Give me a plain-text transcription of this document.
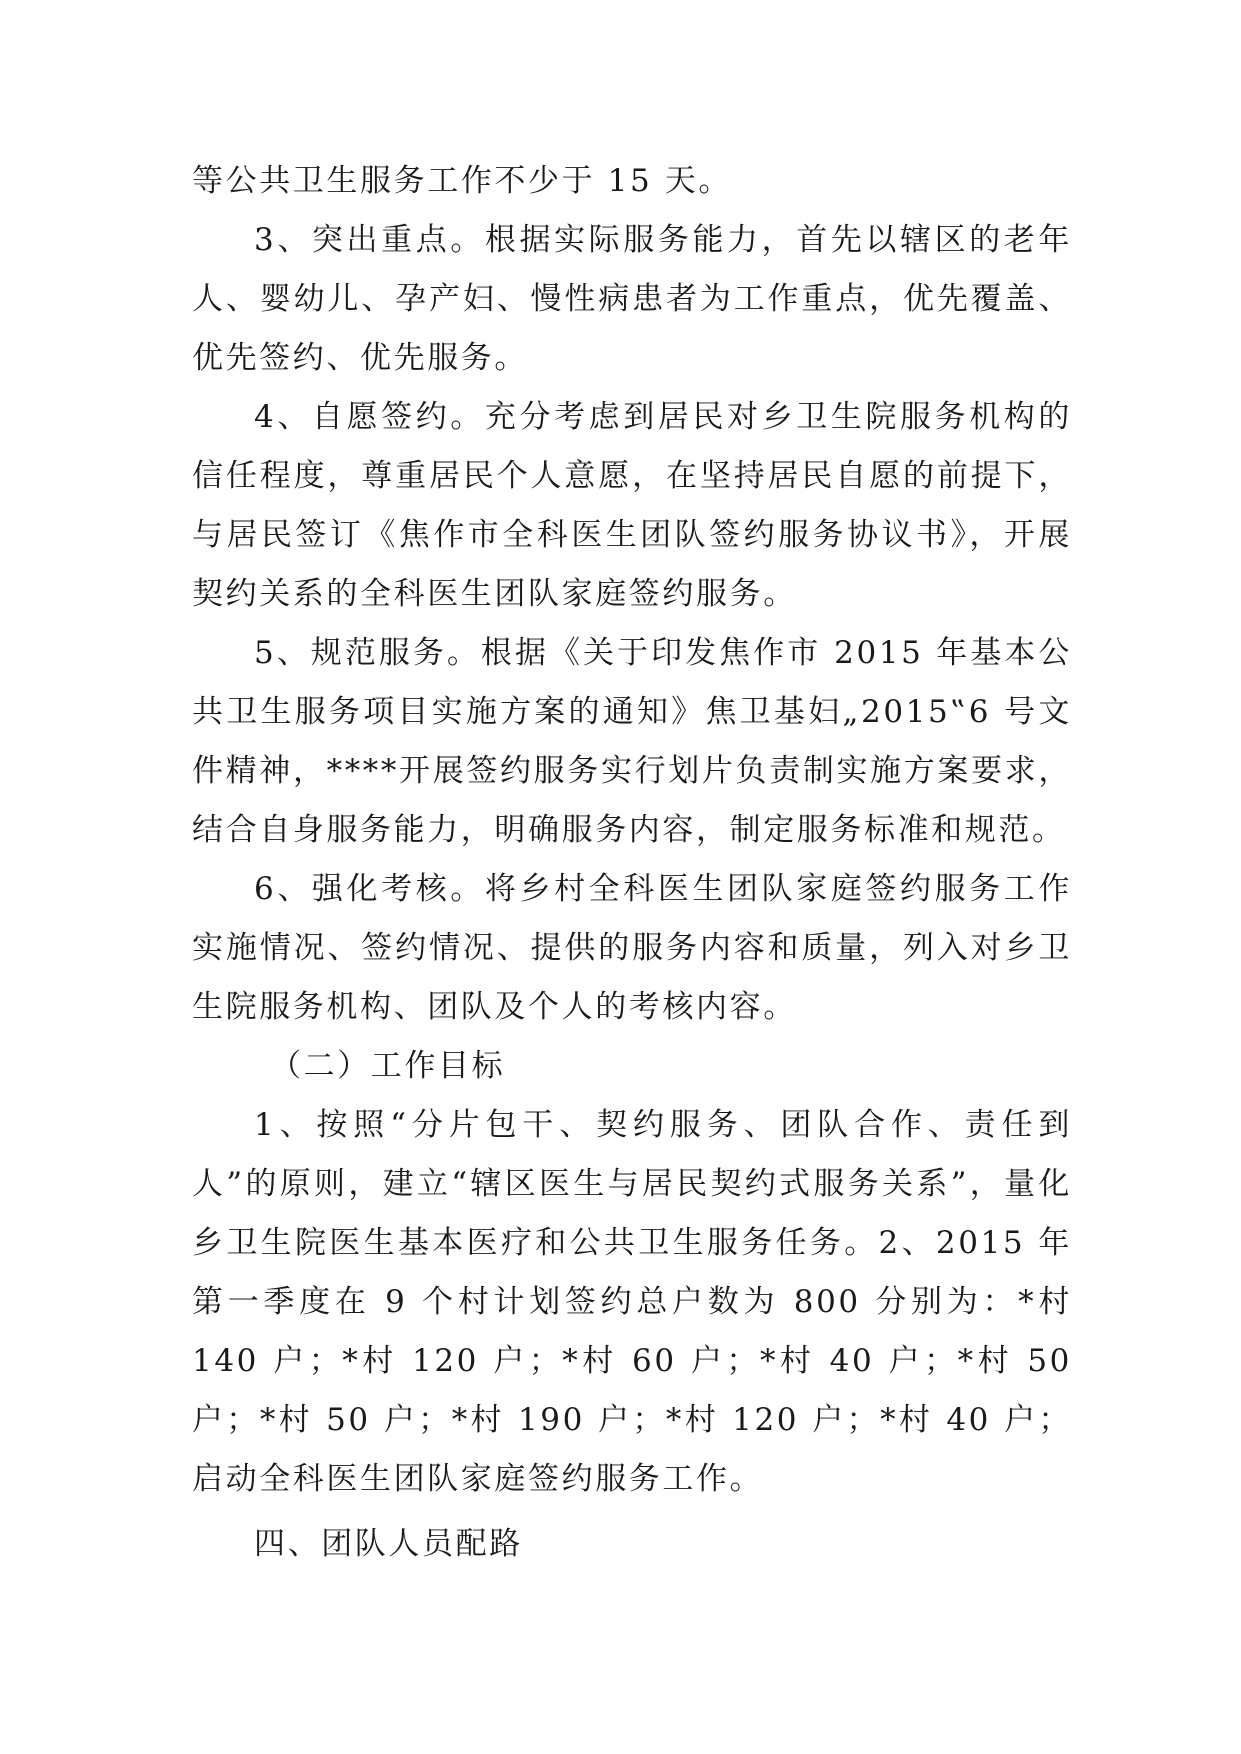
等公共卫生服务工作不少于 15 天。

3、突出重点。根据实际服务能力，首先以辖区的老年人、婴幼儿、孕产妇、慢性病患者为工作重点，优先覆盖、优先签约、优先服务。

4、自愿签约。充分考虑到居民对乡卫生院服务机构的信任程度，尊重居民个人意愿，在坚持居民自愿的前提下，与居民签订《焦作市全科医生团队签约服务协议书》，开展契约关系的全科医生团队家庭签约服务。

5、规范服务。根据《关于印发焦作市 2015 年基本公共卫生服务项目实施方案的通知》焦卫基妇„2015‟6 号文件精神，****开展签约服务实行划片负责制实施方案要求，结合自身服务能力，明确服务内容，制定服务标准和规范。

6、强化考核。将乡村全科医生团队家庭签约服务工作实施情况、签约情况、提供的服务内容和质量，列入对乡卫生院服务机构、团队及个人的考核内容。

（二）工作目标

1、按照“分片包干、契约服务、团队合作、责任到人”的原则，建立“辖区医生与居民契约式服务关系”，量化乡卫生院医生基本医疗和公共卫生服务任务。2、2015 年第一季度在 9 个村计划签约总户数为 800 分别为：*村 140 户；*村 120 户；*村 60 户；*村 40 户；*村 50 户；*村 50 户；*村 190 户；*村 120 户；*村 40 户；启动全科医生团队家庭签约服务工作。

四、团队人员配路
